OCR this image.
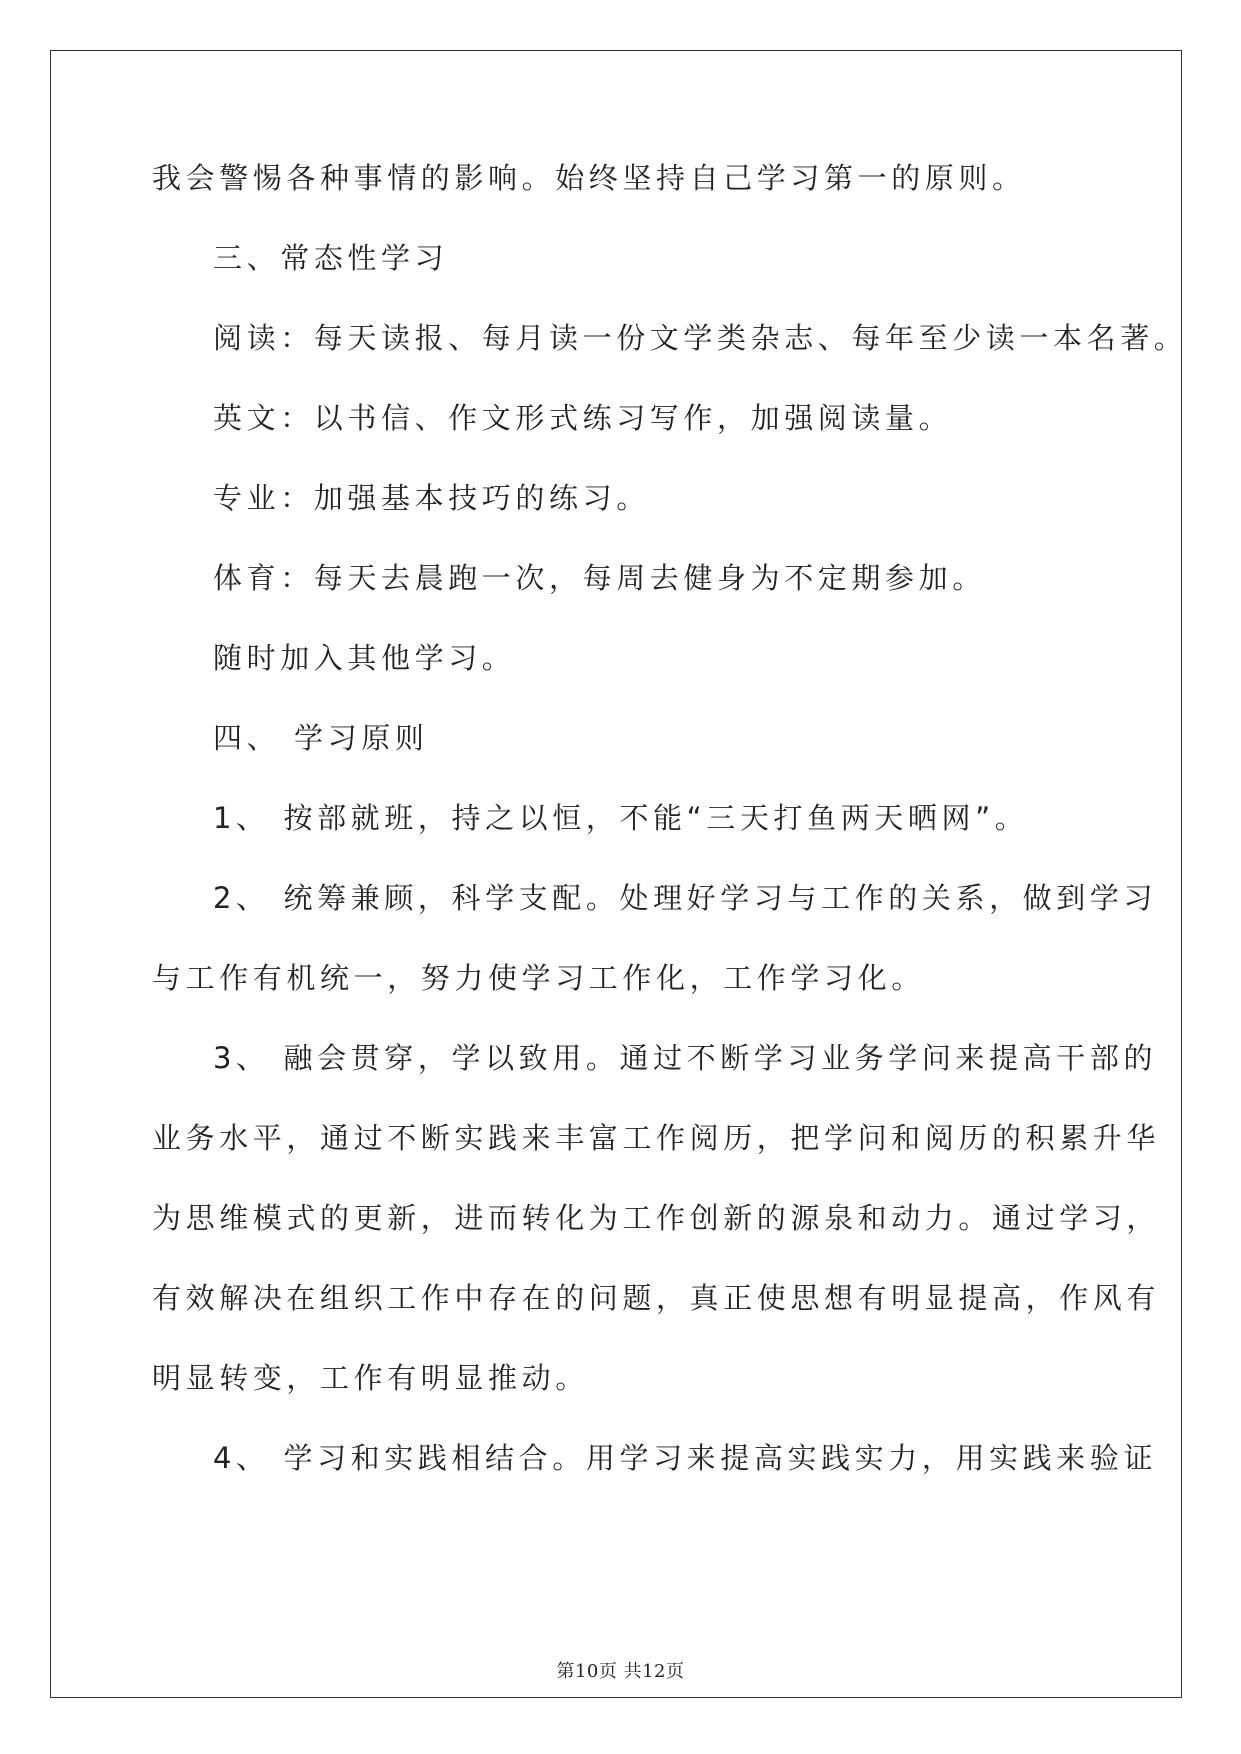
我会警惕各种事情的影响。始终坚持自己学习第一的原则。
三、常态性学习
阅读：每天读报、每月读一份文学类杂志、每年至少读一本名著。
英文：以书信、作文形式练习写作，加强阅读量。
专业：加强基本技巧的练习。
体育：每天去晨跑一次，每周去健身为不定期参加。
随时加入其他学习。
四、 学习原则
1、 按部就班，持之以恒，不能“三天打鱼两天晒网”。
2、 统筹兼顾，科学支配。处理好学习与工作的关系，做到学习
与工作有机统一，努力使学习工作化，工作学习化。
3、 融会贯穿，学以致用。通过不断学习业务学问来提高干部的
业务水平，通过不断实践来丰富工作阅历，把学问和阅历的积累升华
为思维模式的更新，进而转化为工作创新的源泉和动力。通过学习，
有效解决在组织工作中存在的问题，真正使思想有明显提高，作风有
明显转变，工作有明显推动。
4、 学习和实践相结合。用学习来提高实践实力，用实践来验证
第10页 共12页
